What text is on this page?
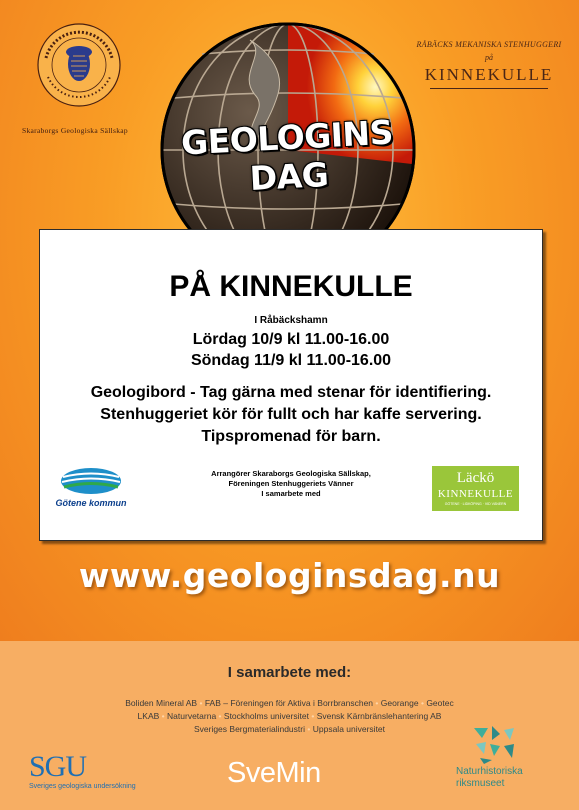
Skaraborgs Geologiska Sällskap
RÅBÄCKS MEKANISKA STENHUGGERI
på
KINNEKULLE
GEOLOGINS DAG
PÅ KINNEKULLE
I Råbäckshamn
Lördag 10/9 kl 11.00-16.00
Söndag 11/9 kl 11.00-16.00
Geologibord - Tag gärna med stenar för identifiering.
Stenhuggeriet kör för fullt och har kaffe servering.
Tipspromenad för barn.
Arrangörer Skaraborgs Geologiska Sällskap,
Föreningen Stenhuggeriets Vänner
I samarbete med
Götene kommun
Läckö
KINNEKULLE
GÖTENE · LIDKÖPING · VID VÄNERN
www.geologinsdag.nu
I samarbete med:
Boliden Mineral AB • FAB – Föreningen för Aktiva i Borrbranschen • Georange • Geotec
LKAB • Naturvetarna • Stockholms universitet • Svensk Kärnbränslehantering AB
Sveriges Bergmaterialindustri • Uppsala universitet
SGU
Sveriges geologiska undersökning	SveMin	Naturhistoriska
riksmuseet
